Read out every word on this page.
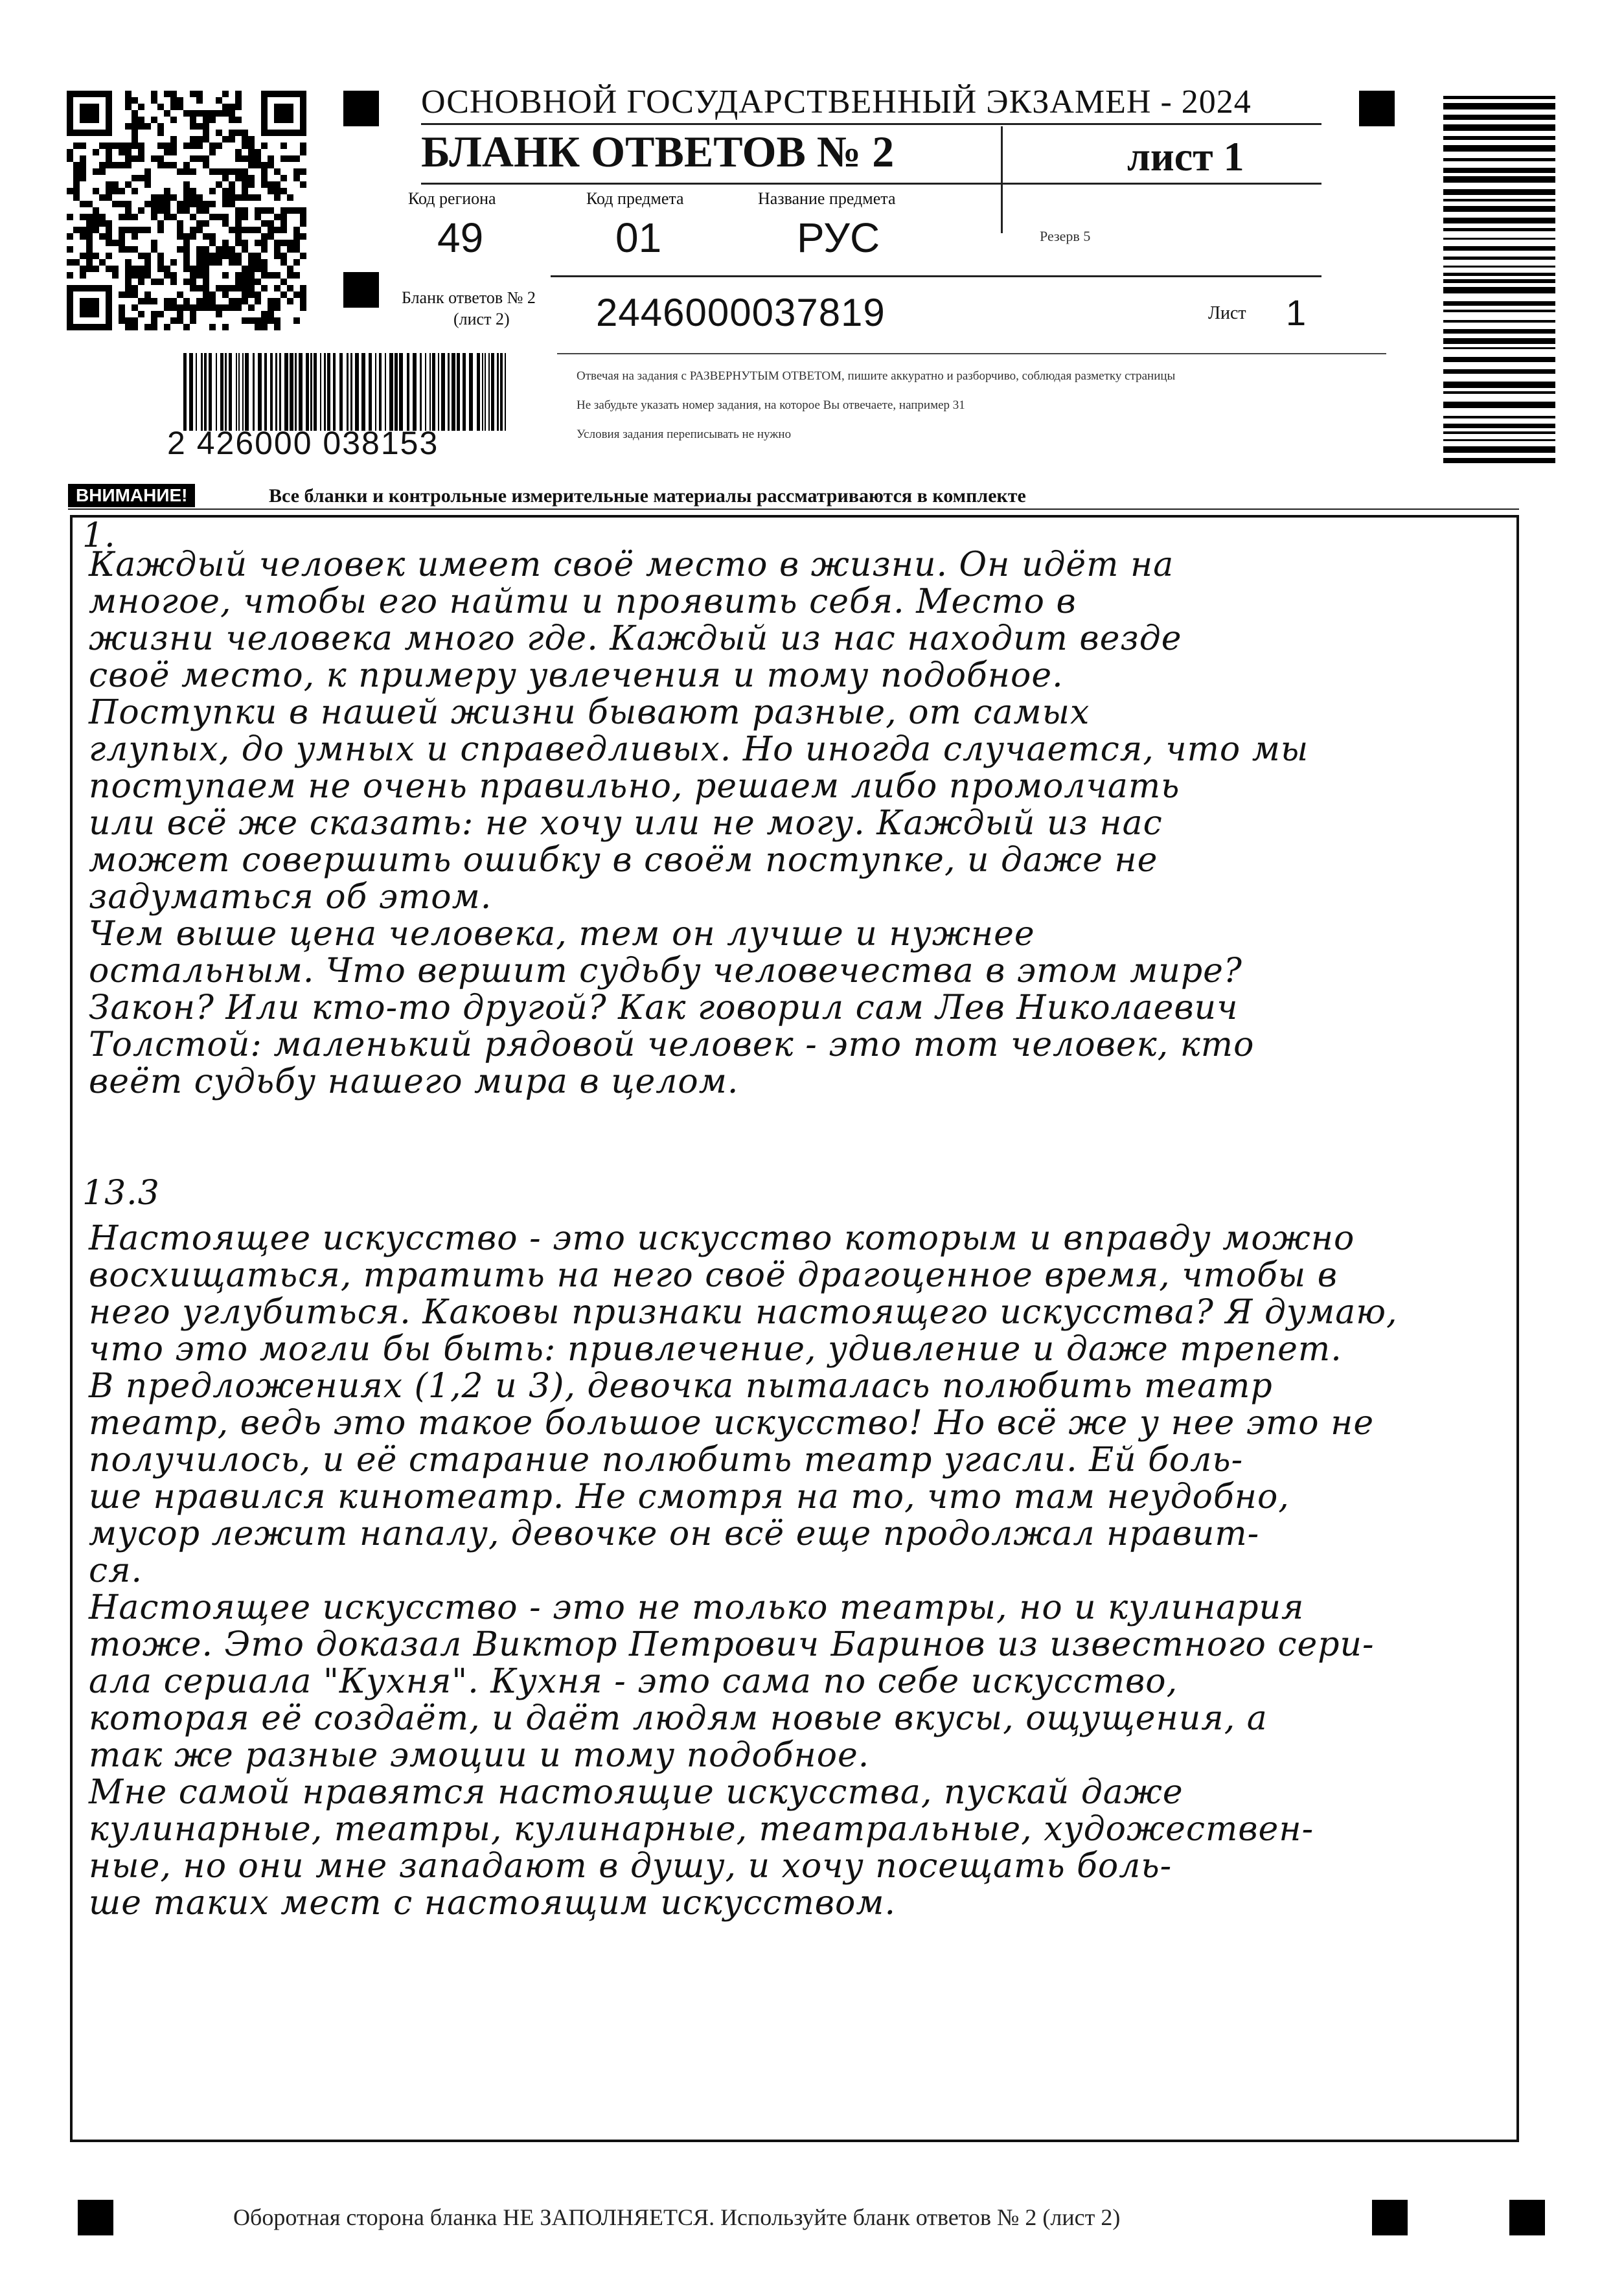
ОСНОВНОЙ ГОСУДАРСТВЕННЫЙ ЭКЗАМЕН - 2024
БЛАНК ОТВЕТОВ № 2	лист 1
Код региона
49
Код предмета
01
Название предмета
РУС	Резерв 5
Бланк ответов № 2
(лист 2) 2446000037819	Лист 1
Отвечая на задания с РАЗВЕРНУТЫМ ОТВЕТОМ, пишите аккуратно и разборчиво, соблюдая разметку страницы
Не забудьте указать номер задания, на которое Вы отвечаете, например 31
Условия задания переписывать не нужно
2 426000 038153
ВНИМАНИЕ!	Все бланки и контрольные измерительные материалы рассматриваются в комплекте
1.
Каждый человек имеет своё место в жизни. Он идёт на
многое, чтобы его найти и проявить себя. Место в
жизни человека много где. Каждый из нас находит везде
своё место, к примеру увлечения и тому подобное.
Поступки в нашей жизни бывают разные, от самых
глупых, до умных и справедливых. Но иногда случается, что мы
поступаем не очень правильно, решаем либо промолчать
или всё же сказать: не хочу или не могу. Каждый из нас
может совершить ошибку в своём поступке, и даже не
задуматься об этом.
Чем выше цена человека, тем он лучше и нужнее
остальным. Что вершит судьбу человечества в этом мире?
Закон? Или кто-то другой? Как говорил сам Лев Николаевич
Толстой: маленький рядовой человек - это тот человек, кто
веёт судьбу нашего мира в целом.
13.3
Настоящее искусство - это искусство которым и вправду можно
восхищаться, тратить на него своё драгоценное время, чтобы в
него углубиться. Каковы признаки настоящего искусства? Я думаю,
что это могли бы быть: привлечение, удивление и даже трепет.
В предложениях (1,2 и 3), девочка пыталась полюбить театр
театр, ведь это такое большое искусство! Но всё же у нее это не
получилось, и её старание полюбить театр угасли. Ей боль-
ше нравился кинотеатр. Не смотря на то, что там неудобно,
мусор лежит напалу, девочке он всё еще продолжал нравит-
ся.
Настоящее искусство - это не только театры, но и кулинария
тоже. Это доказал Виктор Петрович Баринов из известного сери-
ала сериала "Кухня". Кухня - это сама по себе искусство,
которая её создаёт, и даёт людям новые вкусы, ощущения, а
так же разные эмоции и тому подобное.
Мне самой нравятся настоящие искусства, пускай даже
кулинарные, театры, кулинарные, театральные, художествен-
ные, но они мне западают в душу, и хочу посещать боль-
ше таких мест с настоящим искусством.
Оборотная сторона бланка НЕ ЗАПОЛНЯЕТСЯ. Используйте бланк ответов № 2 (лист 2)
